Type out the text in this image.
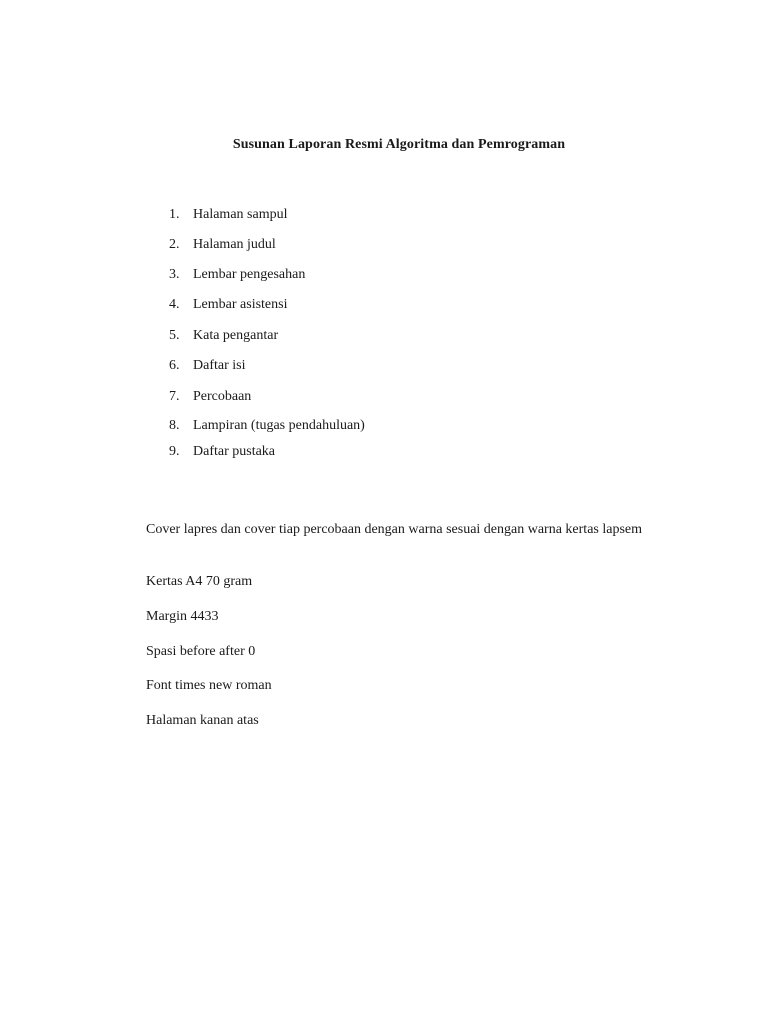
Susunan Laporan Resmi Algoritma dan Pemrograman
1. Halaman sampul
2. Halaman judul
3. Lembar pengesahan
4. Lembar asistensi
5. Kata pengantar
6. Daftar isi
7. Percobaan
8. Lampiran (tugas pendahuluan)
9. Daftar pustaka

Cover lapres dan cover tiap percobaan dengan warna sesuai dengan warna kertas lapsem

Kertas A4 70 gram

Margin 4433

Spasi before after 0

Font times new roman

Halaman kanan atas
